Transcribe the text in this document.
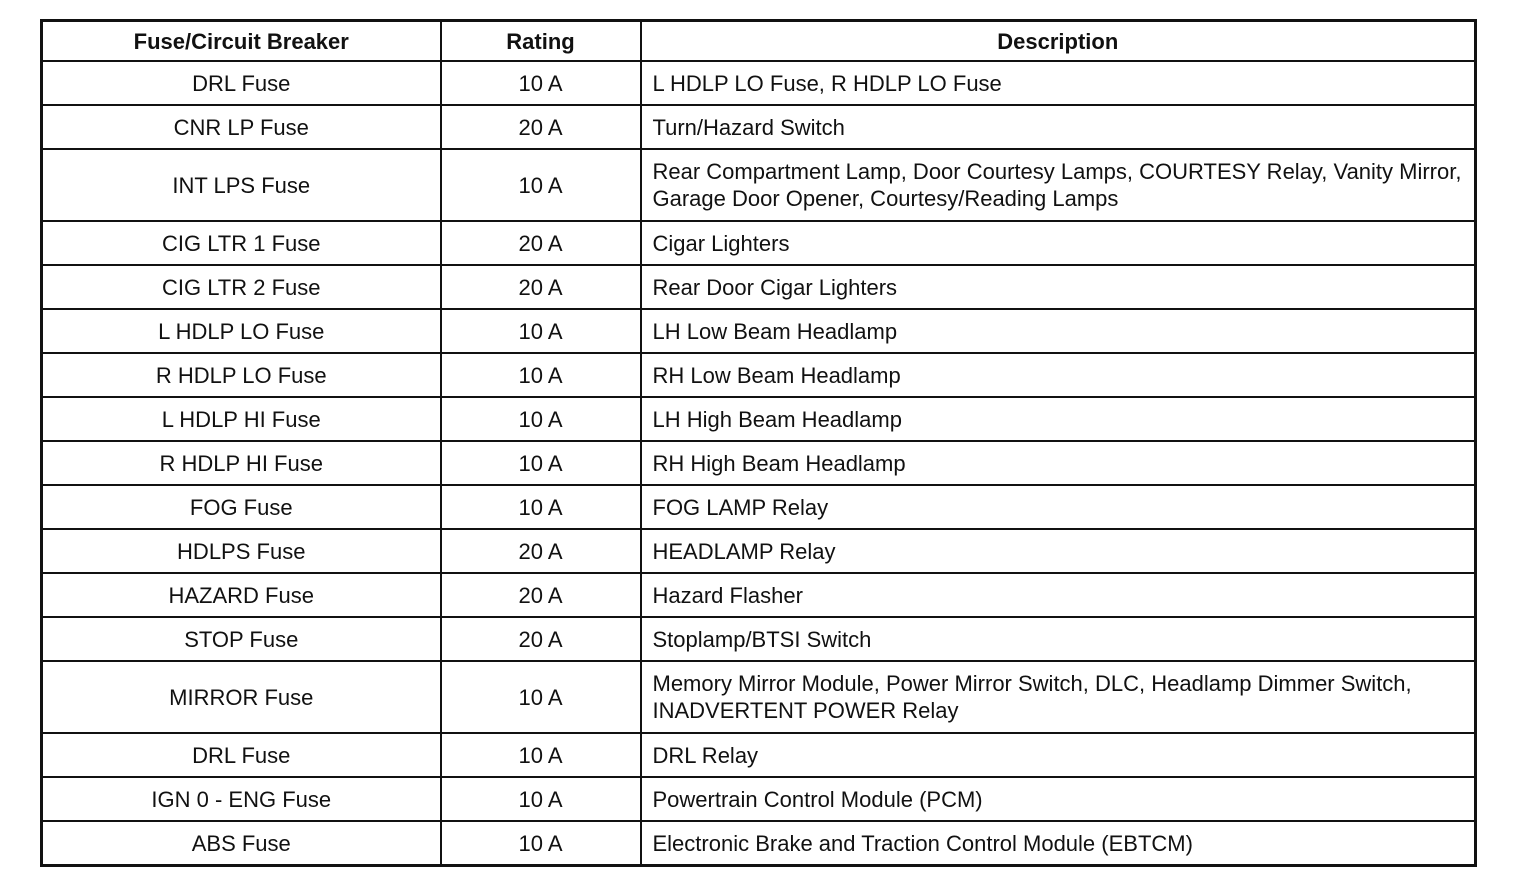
Fuse/Circuit Breaker	Rating	Description
DRL Fuse	10 A	L HDLP LO Fuse, R HDLP LO Fuse
CNR LP Fuse	20 A	Turn/Hazard Switch
INT LPS Fuse	10 A	Rear Compartment Lamp, Door Courtesy Lamps, COURTESY Relay, Vanity Mirror, Garage Door Opener, Courtesy/Reading Lamps
CIG LTR 1 Fuse	20 A	Cigar Lighters
CIG LTR 2 Fuse	20 A	Rear Door Cigar Lighters
L HDLP LO Fuse	10 A	LH Low Beam Headlamp
R HDLP LO Fuse	10 A	RH Low Beam Headlamp
L HDLP HI Fuse	10 A	LH High Beam Headlamp
R HDLP HI Fuse	10 A	RH High Beam Headlamp
FOG Fuse	10 A	FOG LAMP Relay
HDLPS Fuse	20 A	HEADLAMP Relay
HAZARD Fuse	20 A	Hazard Flasher
STOP Fuse	20 A	Stoplamp/BTSI Switch
MIRROR Fuse	10 A	Memory Mirror Module, Power Mirror Switch, DLC, Headlamp Dimmer Switch, INADVERTENT POWER Relay
DRL Fuse	10 A	DRL Relay
IGN 0 - ENG Fuse	10 A	Powertrain Control Module (PCM)
ABS Fuse	10 A	Electronic Brake and Traction Control Module (EBTCM)
